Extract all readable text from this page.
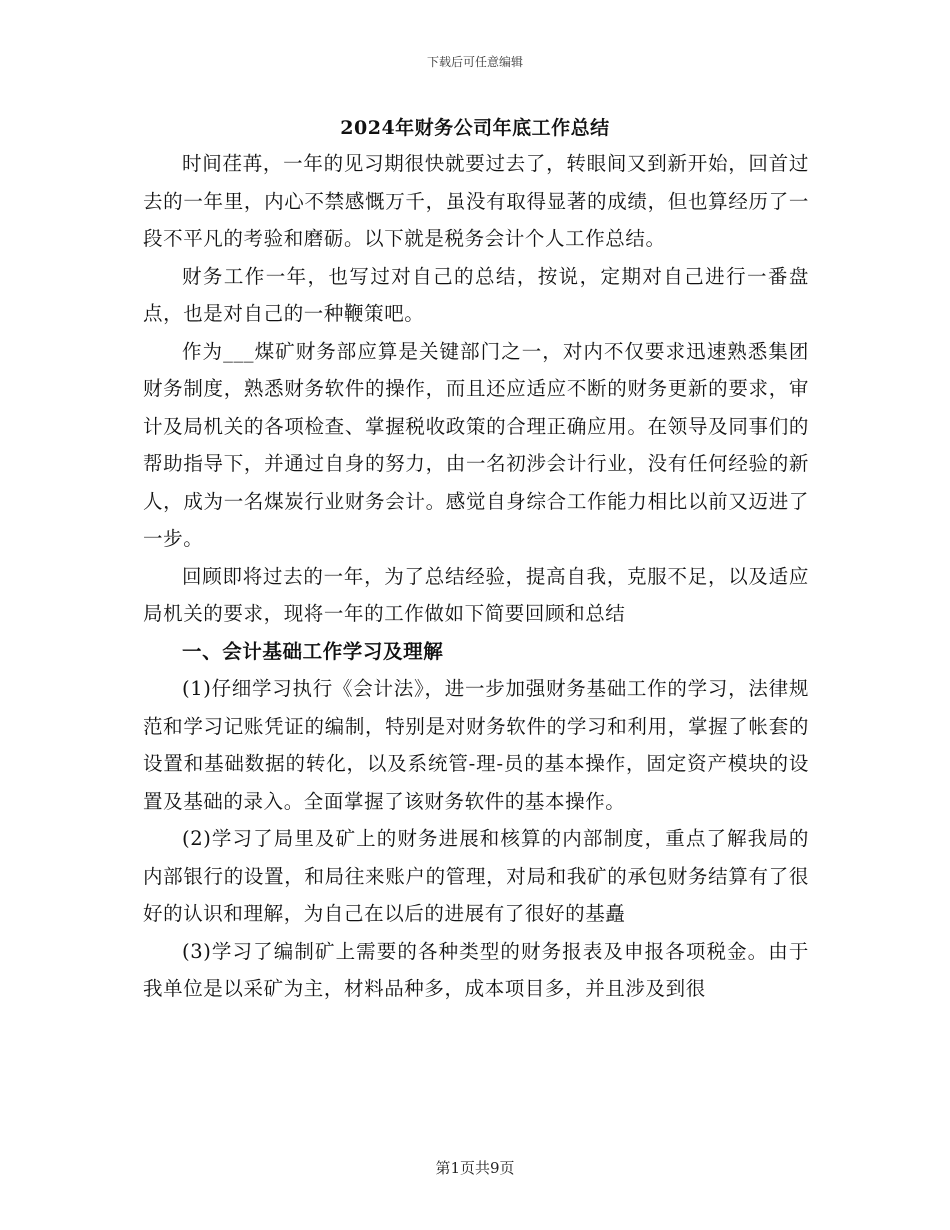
下载后可任意编辑
2024年财务公司年底工作总结

时间荏苒，一年的见习期很快就要过去了，转眼间又到新开始，回首过去的一年里，内心不禁感慨万千，虽没有取得显著的成绩，但也算经历了一段不平凡的考验和磨砺。以下就是税务会计个人工作总结。

财务工作一年，也写过对自己的总结，按说，定期对自己进行一番盘点，也是对自己的一种鞭策吧。

作为___煤矿财务部应算是关键部门之一，对内不仅要求迅速熟悉集团财务制度，熟悉财务软件的操作，而且还应适应不断的财务更新的要求，审计及局机关的各项检查、掌握税收政策的合理正确应用。在领导及同事们的帮助指导下，并通过自身的努力，由一名初涉会计行业，没有任何经验的新人，成为一名煤炭行业财务会计。感觉自身综合工作能力相比以前又迈进了一步。

回顾即将过去的一年，为了总结经验，提高自我，克服不足，以及适应局机关的要求，现将一年的工作做如下简要回顾和总结

一、会计基础工作学习及理解

(1)仔细学习执行《会计法》，进一步加强财务基础工作的学习，法律规范和学习记账凭证的编制，特别是对财务软件的学习和利用，掌握了帐套的设置和基础数据的转化，以及系统管-理-员的基本操作，固定资产模块的设置及基础的录入。全面掌握了该财务软件的基本操作。

(2)学习了局里及矿上的财务进展和核算的内部制度，重点了解我局的内部银行的设置，和局往来账户的管理，对局和我矿的承包财务结算有了很好的认识和理解，为自己在以后的进展有了很好的基矗

(3)学习了编制矿上需要的各种类型的财务报表及申报各项税金。由于我单位是以采矿为主，材料品种多，成本项目多，并且涉及到很

第1页共9页
